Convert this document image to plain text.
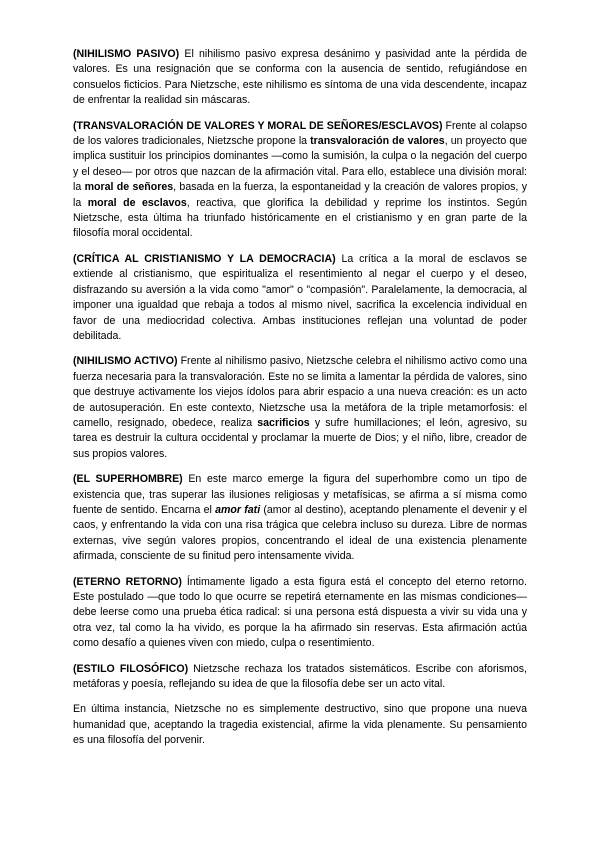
(NIHILISMO PASIVO) El nihilismo pasivo expresa desánimo y pasividad ante la pérdida de valores. Es una resignación que se conforma con la ausencia de sentido, refugiándose en consuelos ficticios. Para Nietzsche, este nihilismo es síntoma de una vida descendente, incapaz de enfrentar la realidad sin máscaras.

(TRANSVALORACIÓN DE VALORES Y MORAL DE SEÑORES/ESCLAVOS) Frente al colapso de los valores tradicionales, Nietzsche propone la transvaloración de valores, un proyecto que implica sustituir los principios dominantes —como la sumisión, la culpa o la negación del cuerpo y el deseo— por otros que nazcan de la afirmación vital. Para ello, establece una división moral: la moral de señores, basada en la fuerza, la espontaneidad y la creación de valores propios, y la moral de esclavos, reactiva, que glorifica la debilidad y reprime los instintos. Según Nietzsche, esta última ha triunfado históricamente en el cristianismo y en gran parte de la filosofía moral occidental.

(CRÍTICA AL CRISTIANISMO Y LA DEMOCRACIA) La crítica a la moral de esclavos se extiende al cristianismo, que espiritualiza el resentimiento al negar el cuerpo y el deseo, disfrazando su aversión a la vida como "amor" o "compasión". Paralelamente, la democracia, al imponer una igualdad que rebaja a todos al mismo nivel, sacrifica la excelencia individual en favor de una mediocridad colectiva. Ambas instituciones reflejan una voluntad de poder debilitada.

(NIHILISMO ACTIVO) Frente al nihilismo pasivo, Nietzsche celebra el nihilismo activo como una fuerza necesaria para la transvaloración. Este no se limita a lamentar la pérdida de valores, sino que destruye activamente los viejos ídolos para abrir espacio a una nueva creación: es un acto de autosuperación. En este contexto, Nietzsche usa la metáfora de la triple metamorfosis: el camello, resignado, obedece, realiza sacrificios y sufre humillaciones; el león, agresivo, su tarea es destruir la cultura occidental y proclamar la muerte de Dios; y el niño, libre, creador de sus propios valores.

(EL SUPERHOMBRE) En este marco emerge la figura del superhombre como un tipo de existencia que, tras superar las ilusiones religiosas y metafísicas, se afirma a sí misma como fuente de sentido. Encarna el amor fati (amor al destino), aceptando plenamente el devenir y el caos, y enfrentando la vida con una risa trágica que celebra incluso su dureza. Libre de normas externas, vive según valores propios, concentrando el ideal de una existencia plenamente afirmada, consciente de su finitud pero intensamente vivida.

(ETERNO RETORNO) Íntimamente ligado a esta figura está el concepto del eterno retorno. Este postulado —que todo lo que ocurre se repetirá eternamente en las mismas condiciones— debe leerse como una prueba ética radical: si una persona está dispuesta a vivir su vida una y otra vez, tal como la ha vivido, es porque la ha afirmado sin reservas. Esta afirmación actúa como desafío a quienes viven con miedo, culpa o resentimiento.

(ESTILO FILOSÓFICO) Nietzsche rechaza los tratados sistemáticos. Escribe con aforismos, metáforas y poesía, reflejando su idea de que la filosofía debe ser un acto vital.

En última instancia, Nietzsche no es simplemente destructivo, sino que propone una nueva humanidad que, aceptando la tragedia existencial, afirme la vida plenamente. Su pensamiento es una filosofía del porvenir.
